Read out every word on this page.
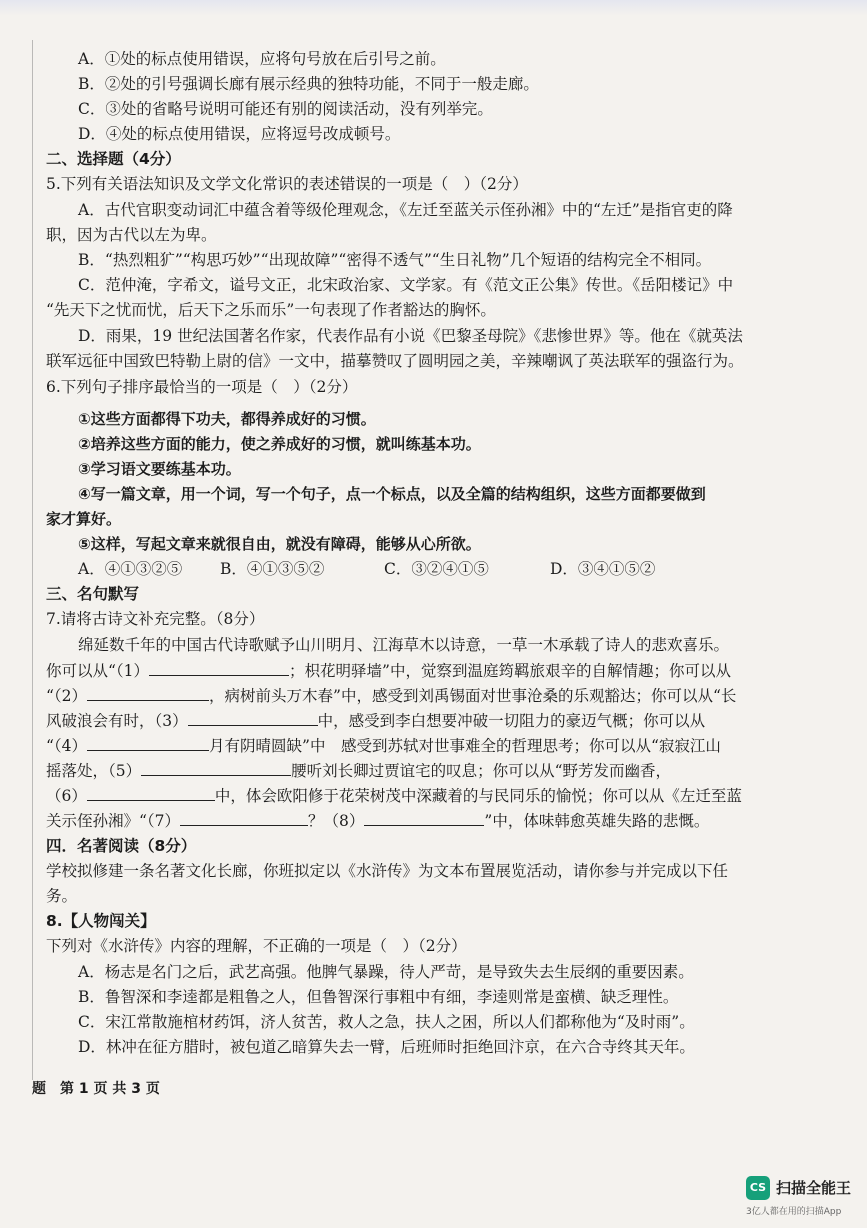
A．①处的标点使用错误，应将句号放在后引号之前。
B．②处的引号强调长廊有展示经典的独特功能，不同于一般走廊。
C．③处的省略号说明可能还有别的阅读活动，没有列举完。
D．④处的标点使用错误，应将逗号改成顿号。
二、选择题（4分）
5.下列有关语法知识及文学文化常识的表述错误的一项是（　）（2分）
A．古代官职变动词汇中蕴含着等级伦理观念，《左迁至蓝关示侄孙湘》中的“左迁”是指官吏的降
职，因为古代以左为卑。
B．“热烈粗犷”“构思巧妙”“出现故障”“密得不透气”“生日礼物”几个短语的结构完全不相同。
C．范仲淹，字希文，谥号文正，北宋政治家、文学家。有《范文正公集》传世。《岳阳楼记》中
“先天下之忧而忧，后天下之乐而乐”一句表现了作者豁达的胸怀。
D．雨果，19 世纪法国著名作家，代表作品有小说《巴黎圣母院》《悲惨世界》等。他在《就英法
联军远征中国致巴特勒上尉的信》一文中，描摹赞叹了圆明园之美，辛辣嘲讽了英法联军的强盗行为。
6.下列句子排序最恰当的一项是（　）（2分）
①这些方面都得下功夫，都得养成好的习惯。
②培养这些方面的能力，使之养成好的习惯，就叫练基本功。
③学习语文要练基本功。
④写一篇文章，用一个词，写一个句子，点一个标点，以及全篇的结构组织，这些方面都要做到
家才算好。
⑤这样，写起文章来就很自由，就没有障碍，能够从心所欲。
A．④①③②⑤ B．④①③⑤②	C．③②④①⑤	D．③④①⑤②
三、名句默写
7.请将古诗文补充完整。（8分）
绵延数千年的中国古代诗歌赋予山川明月、江海草木以诗意，一草一木承载了诗人的悲欢喜乐。
你可以从“（1）	；枳花明驿墙”中，觉察到温庭筠羁旅艰辛的自解情趣；你可以从
“（2）	，病树前头万木春”中，感受到刘禹锡面对世事沧桑的乐观豁达；你可以从“长
风破浪会有时，（3）	中，感受到李白想要冲破一切阻力的豪迈气概；你可以从
“（4）	月有阴晴圆缺”中　感受到苏轼对世事难全的哲理思考；你可以从“寂寂江山
摇落处，（5）	腰听刘长卿过贾谊宅的叹息；你可以从“野芳发而幽香，
（6）	中，体会欧阳修于花荣树茂中深藏着的与民同乐的愉悦；你可以从《左迁至蓝
关示侄孙湘》“（7）	？（8）	”中，体味韩愈英雄失路的悲慨。
四．名著阅读（8分）
学校拟修建一条名著文化长廊，你班拟定以《水浒传》为文本布置展览活动，请你参与并完成以下任
务。
8.【人物闯关】
下列对《水浒传》内容的理解，不正确的一项是（　）（2分）
A．杨志是名门之后，武艺高强。他脾气暴躁，待人严苛，是导致失去生辰纲的重要因素。
B．鲁智深和李逵都是粗鲁之人，但鲁智深行事粗中有细，李逵则常是蛮横、缺乏理性。
C．宋江常散施棺材药饵，济人贫苦，救人之急，扶人之困，所以人们都称他为“及时雨”。
D．林冲在征方腊时，被包道乙暗算失去一臂，后班师时拒绝回汴京，在六合寺终其天年。
题　第 1 页 共 3 页
CS 扫描全能王
3亿人都在用的扫描App
